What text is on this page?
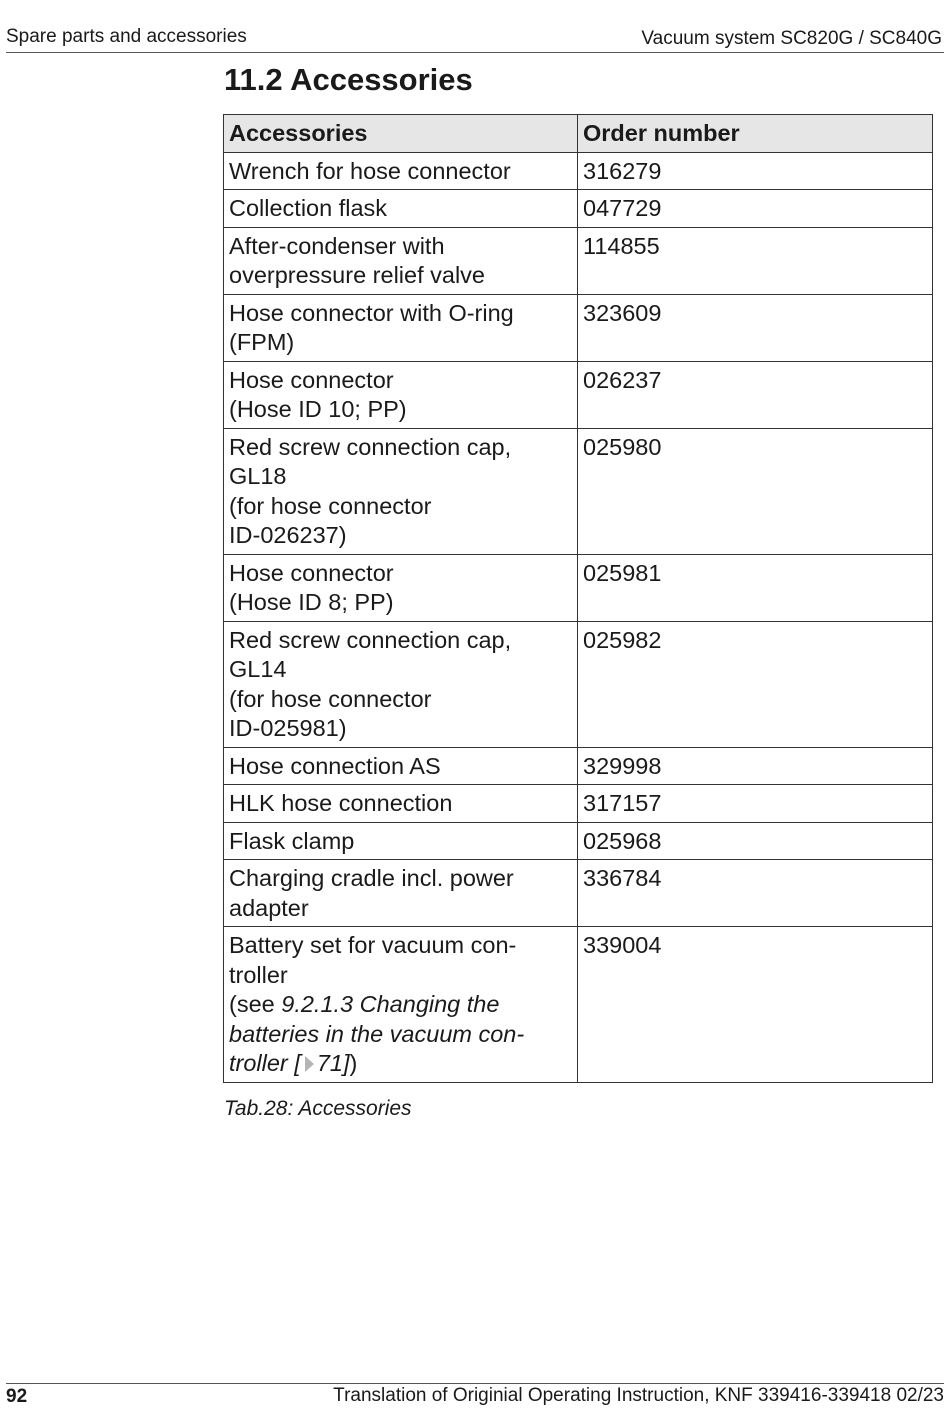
Spare parts and accessories	Vacuum system SC820G / SC840G
11.2 Accessories
Accessories	Order number

Wrench for hose connector	316279

Collection flask	047729

After-condenser with
overpressure relief valve	114855

Hose connector with O-ring
(FPM)	323609

Hose connector
(Hose ID 10; PP)	026237

Red screw connection cap,
GL18
(for hose connector
ID-026237)	025980

Hose connector
(Hose ID 8; PP)	025981

Red screw connection cap,
GL14
(for hose connector
ID-025981)	025982

Hose connection AS	329998

HLK hose connection	317157

Flask clamp	025968

Charging cradle incl. power
adapter	336784

Battery set for vacuum con-
troller
(see 9.2.1.3 Changing the
batteries in the vacuum con-
troller [ 71])	339004
Tab.28: Accessories
92	Translation of Originial Operating Instruction, KNF 339416-339418 02/23
